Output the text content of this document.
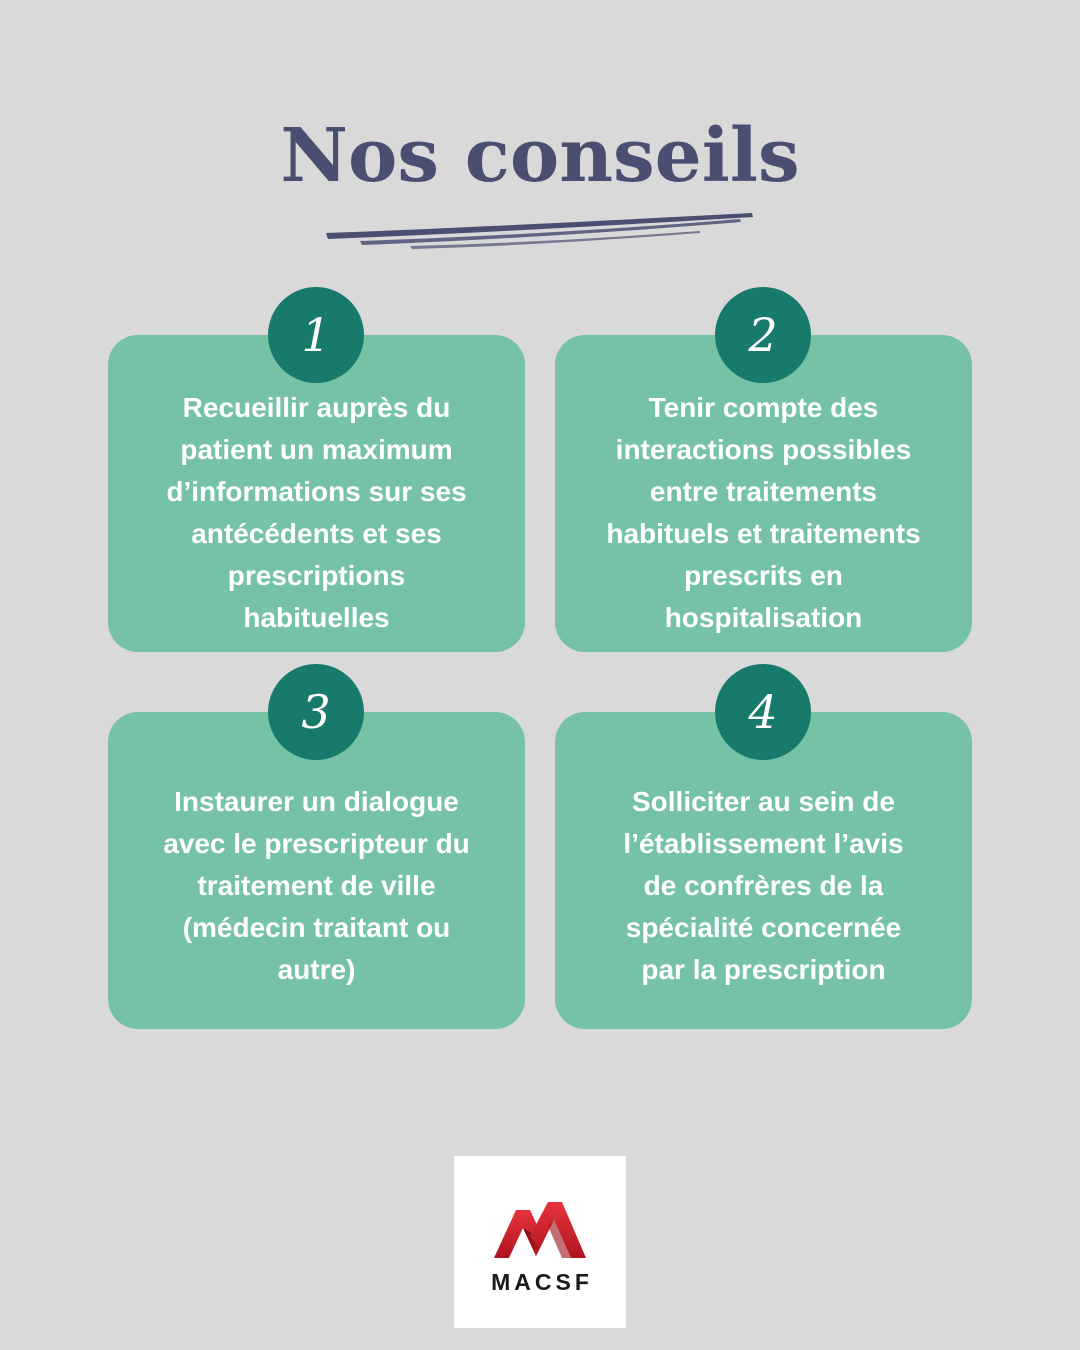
Nos conseils
Recueillir auprès du
patient un maximum
d’informations sur ses
antécédents et ses
prescriptions
habituelles
1
Tenir compte des
interactions possibles
entre traitements
habituels et traitements
prescrits en
hospitalisation
2
Instaurer un dialogue
avec le prescripteur du
traitement de ville
(médecin traitant ou
autre)
3
Solliciter au sein de
l’établissement l’avis
de confrères de la
spécialité concernée
par la prescription
4
MACSF
